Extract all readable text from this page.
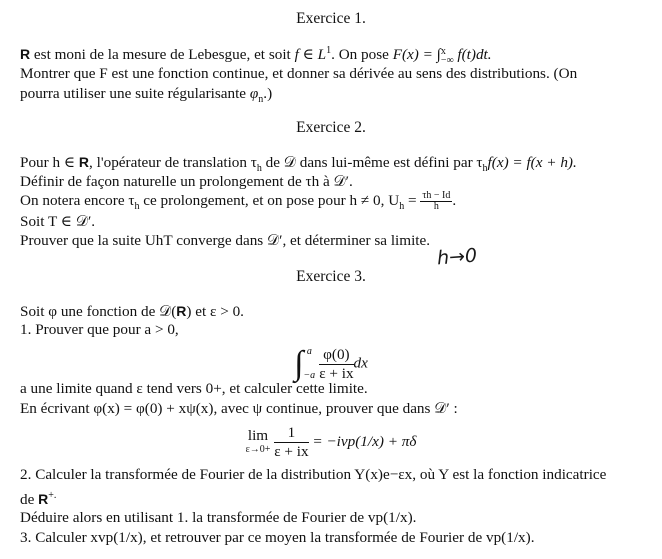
Exercice 1.
R est moni de la mesure de Lebesgue, et soit f ∈ $L^1$. On pose F(x) = ∫ x
−∞ f(t)dt.
Montrer que F est une fonction continue, et donner sa dérivée au sens des distributions. (On
pourra utiliser une suite régularisante $\varphi_n$.)
Exercice 2.
Pour h ∈ R, l'opérateur de translation $\tau_h$ de 𝒟 dans lui-même est défini par $\tau_hf(x) = f(x + h)$.
Définir de façon naturelle un prolongement de τh à 𝒟′.
On notera encore $\tau_h$ ce prolongement, et on pose pour h ≠ 0, $U_h = \frac{\tau h - Id}{h}$ .
Soit T ∈ 𝒟′.
Prouver que la suite UhT converge dans 𝒟′, et déterminer sa limite.
h→0
Exercice 3.
Soit φ une fonction de 𝒟(R) et ε > 0.
1. Prouver que pour a > 0,
∫ a
$-a \frac{\varphi(0)}{\varepsilon + ix}$ dx
a une limite quand ε tend vers 0+, et calculer cette limite.
En écrivant φ(x) = φ(0) + xψ(x), avec ψ continue, prouver que dans 𝒟′ :
lim
ε→0+
$\frac{1}{\varepsilon + ix} = -ivp(1/x) + \pi\delta$
2. Calculer la transformée de Fourier de la distribution Y(x)e−εx, où Y est la fonction indicatrice
de R+.
Déduire alors en utilisant 1. la transformée de Fourier de vp(1/x).
3. Calculer xvp(1/x), et retrouver par ce moyen la transformée de Fourier de vp(1/x).
